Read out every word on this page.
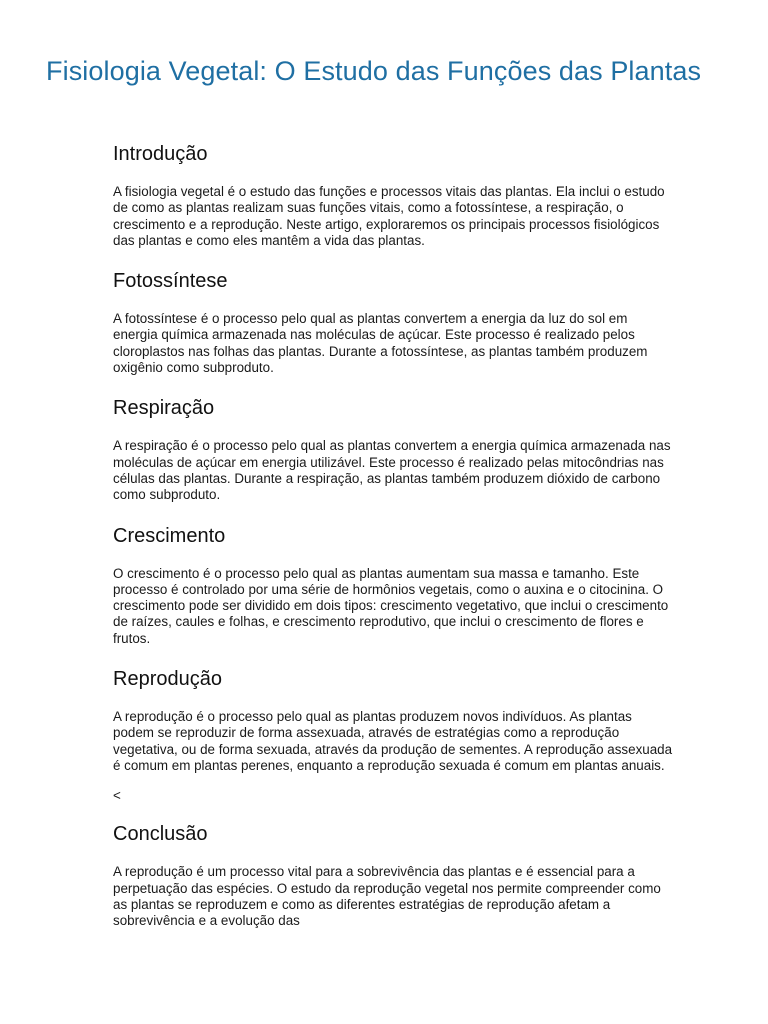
Fisiologia Vegetal: O Estudo das Funções das Plantas
Introdução

A fisiologia vegetal é o estudo das funções e processos vitais das plantas. Ela inclui o estudo de como as plantas realizam suas funções vitais, como a fotossíntese, a respiração, o crescimento e a reprodução. Neste artigo, exploraremos os principais processos fisiológicos das plantas e como eles mantêm a vida das plantas.

Fotossíntese

A fotossíntese é o processo pelo qual as plantas convertem a energia da luz do sol em energia química armazenada nas moléculas de açúcar. Este processo é realizado pelos cloroplastos nas folhas das plantas. Durante a fotossíntese, as plantas também produzem oxigênio como subproduto.

Respiração

A respiração é o processo pelo qual as plantas convertem a energia química armazenada nas moléculas de açúcar em energia utilizável. Este processo é realizado pelas mitocôndrias nas células das plantas. Durante a respiração, as plantas também produzem dióxido de carbono como subproduto.

Crescimento

O crescimento é o processo pelo qual as plantas aumentam sua massa e tamanho. Este processo é controlado por uma série de hormônios vegetais, como o auxina e o citocinina. O crescimento pode ser dividido em dois tipos: crescimento vegetativo, que inclui o crescimento de raízes, caules e folhas, e crescimento reprodutivo, que inclui o crescimento de flores e frutos.

Reprodução

A reprodução é o processo pelo qual as plantas produzem novos indivíduos. As plantas podem se reproduzir de forma assexuada, através de estratégias como a reprodução vegetativa, ou de forma sexuada, através da produção de sementes. A reprodução assexuada é comum em plantas perenes, enquanto a reprodução sexuada é comum em plantas anuais.

<
Conclusão

A reprodução é um processo vital para a sobrevivência das plantas e é essencial para a perpetuação das espécies. O estudo da reprodução vegetal nos permite compreender como as plantas se reproduzem e como as diferentes estratégias de reprodução afetam a sobrevivência e a evolução das
